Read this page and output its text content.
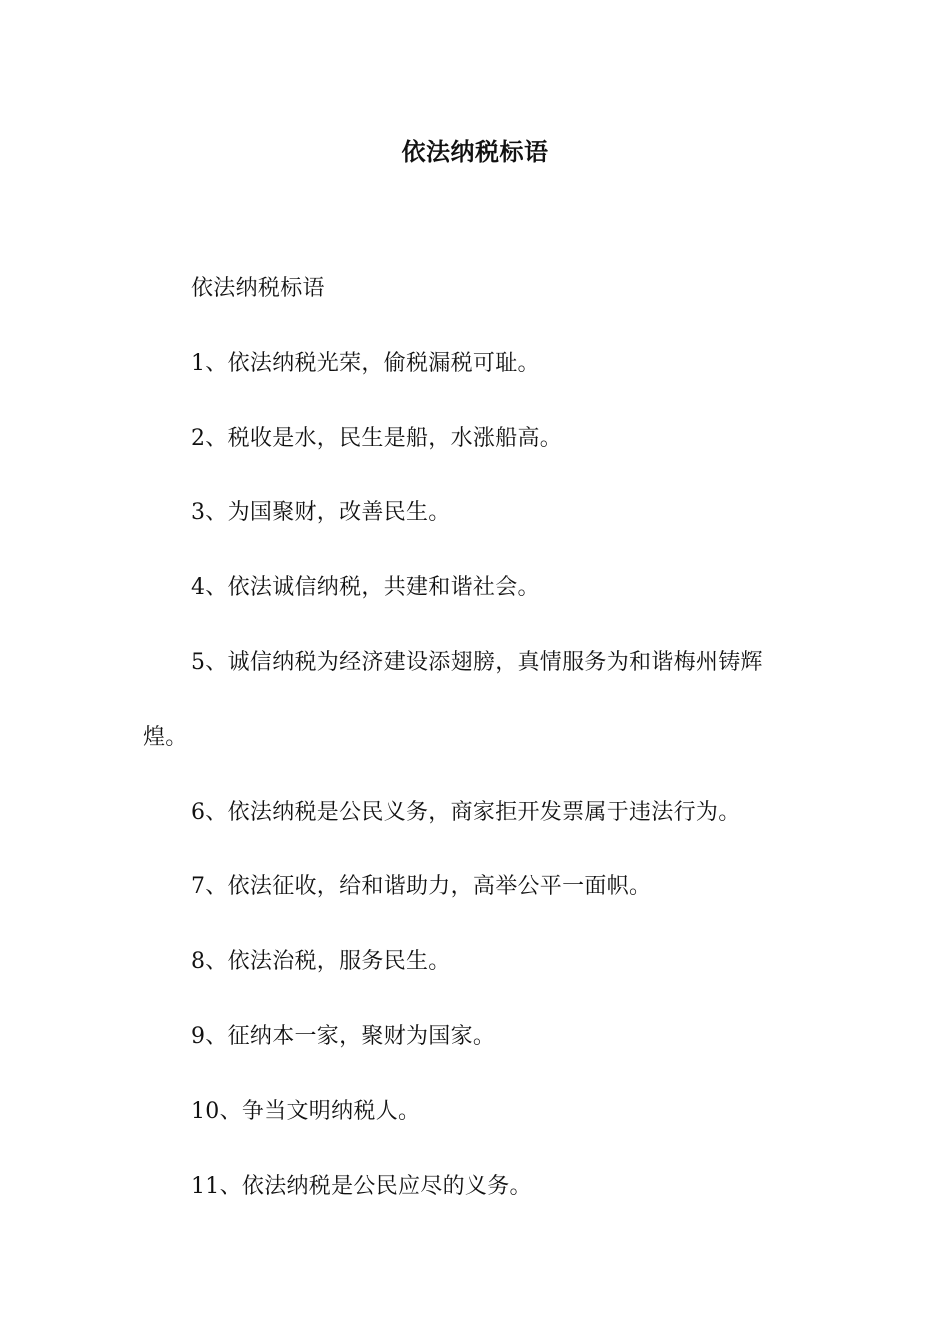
依法纳税标语

依法纳税标语

1、依法纳税光荣，偷税漏税可耻。

2、税收是水，民生是船，水涨船高。

3、为国聚财，改善民生。

4、依法诚信纳税，共建和谐社会。

5、诚信纳税为经济建设添翅膀，真情服务为和谐梅州铸辉

煌。

6、依法纳税是公民义务，商家拒开发票属于违法行为。

7、依法征收，给和谐助力，高举公平一面帜。

8、依法治税，服务民生。

9、征纳本一家，聚财为国家。

10、争当文明纳税人。

11、依法纳税是公民应尽的义务。
